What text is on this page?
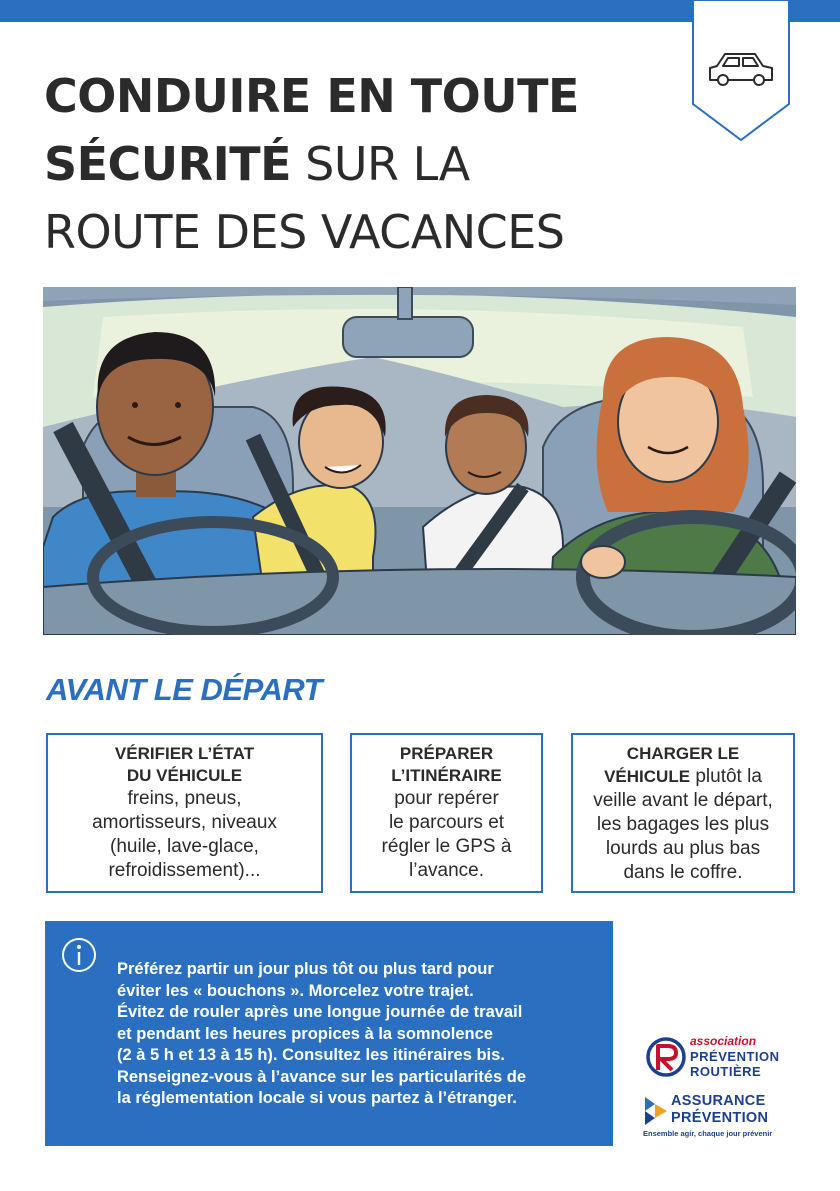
CONDUIRE EN TOUTE
SÉCURITÉ SUR LA
ROUTE DES VACANCES
AVANT LE DÉPART
VÉRIFIER L’ÉTAT
DU VÉHICULE
freins, pneus,
amortisseurs, niveaux
(huile, lave-glace,
refroidissement)...
PRÉPARER
L’ITINÉRAIRE
pour repérer
le parcours et
régler le GPS à
l’avance.
CHARGER LE
VÉHICULE plutôt la
veille avant le départ,
les bagages les plus
lourds au plus bas
dans le coffre.
Préférez partir un jour plus tôt ou plus tard pour
éviter les « bouchons ». Morcelez votre trajet.
Évitez de rouler après une longue journée de travail
et pendant les heures propices à la somnolence
(2 à 5 h et 13 à 15 h). Consultez les itinéraires bis.
Renseignez-vous à l’avance sur les particularités de
la réglementation locale si vous partez à l’étranger.
association
PRÉVENTION
ROUTIÈRE
ASSURANCE
PRÉVENTION
Ensemble agir, chaque jour prévenir
